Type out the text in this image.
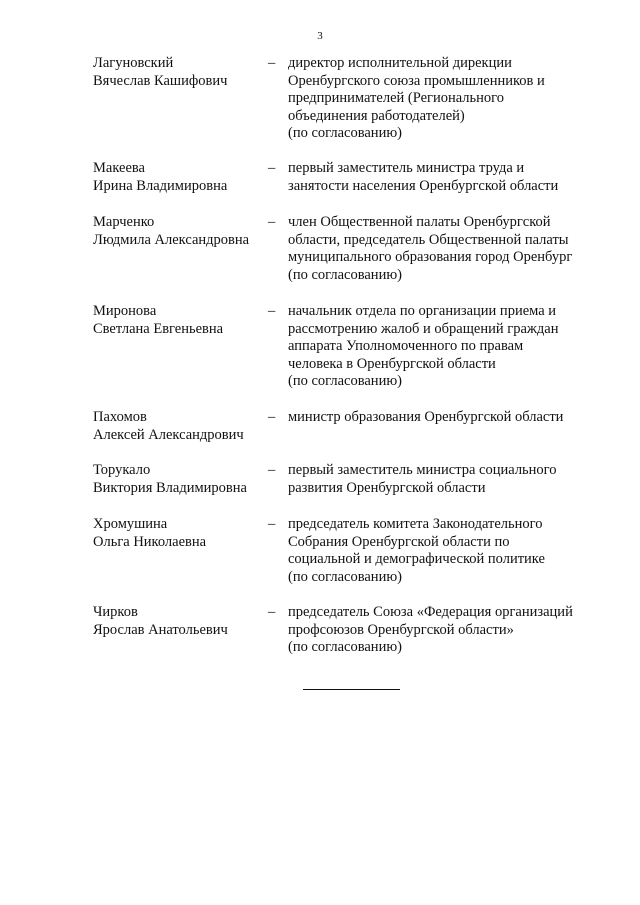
3
Лагуновский
Вячеслав Кашифович
– директор исполнительной дирекции
Оренбургского союза промышленников и
предпринимателей (Регионального
объединения работодателей)
(по согласованию)
Макеева
Ирина Владимировна
– первый заместитель министра труда и
занятости населения Оренбургской области
Марченко
Людмила Александровна
– член Общественной палаты Оренбургской
области, председатель Общественной палаты
муниципального образования город Оренбург
(по согласованию)
Миронова
Светлана Евгеньевна
– начальник отдела по организации приема и
рассмотрению жалоб и обращений граждан
аппарата Уполномоченного по правам
человека в Оренбургской области
(по согласованию)
Пахомов
Алексей Александрович
– министр образования Оренбургской области
Торукало
Виктория Владимировна
– первый заместитель министра социального
развития Оренбургской области
Хромушина
Ольга Николаевна
– председатель комитета Законодательного
Собрания Оренбургской области по
социальной и демографической политике
(по согласованию)
Чирков
Ярослав Анатольевич
– председатель Союза «Федерация организаций
профсоюзов Оренбургской области»
(по согласованию)
